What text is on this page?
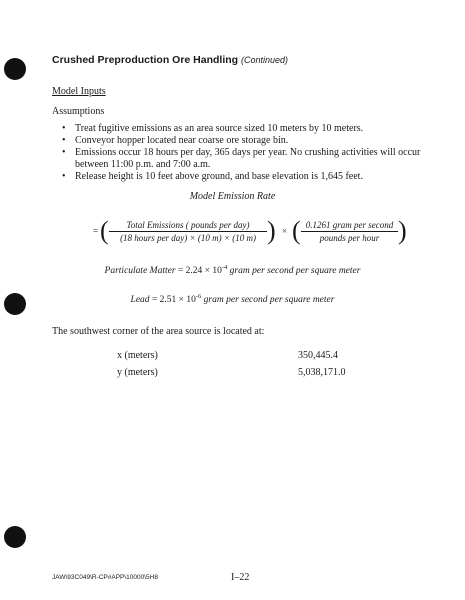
Crushed Preproduction Ore Handling (Continued)
Model Inputs
Assumptions
• Treat fugitive emissions as an area source sized 10 meters by 10 meters.
• Conveyor hopper located near coarse ore storage bin.
• Emissions occur 18 hours per day, 365 days per year. No crushing activities will occur between 11:00 p.m. and 7:00 a.m.
• Release height is 10 feet above ground, and base elevation is 1,645 feet.
Model Emission Rate
= (	Total Emissions ( pounds per day)
(18 hours per day) × (10 m) × (10 m) ) × ( 0.1261 gram per second
pounds per hour )
Particulate Matter = $2.24 \times 10^{-4}$ gram per second per square meter
Lead = $2.51 \times 10^{-6}$ gram per second per square meter
The southwest corner of the area source is located at:
x (meters)	350,445.4
y (meters)	5,038,171.0
JAW\93C049\R-CP#APP\10000\5H8	I–22
